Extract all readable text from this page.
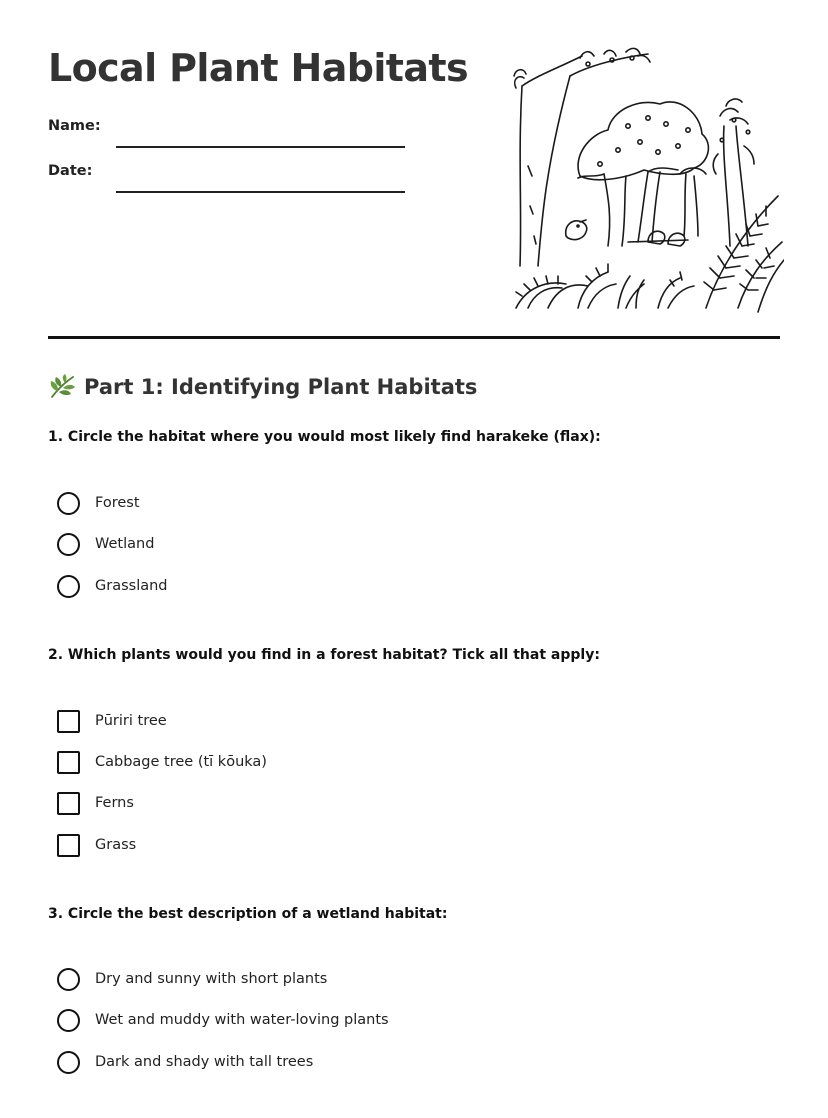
Local Plant Habitats
Name:
Date:
Part 1: Identifying Plant Habitats

1. Circle the habitat where you would most likely find harakeke (flax):

Forest
Wetland
Grassland

2. Which plants would you find in a forest habitat? Tick all that apply:

Pūriri tree
Cabbage tree (tī kōuka)
Ferns
Grass

3. Circle the best description of a wetland habitat:

Dry and sunny with short plants
Wet and muddy with water-loving plants
Dark and shady with tall trees
